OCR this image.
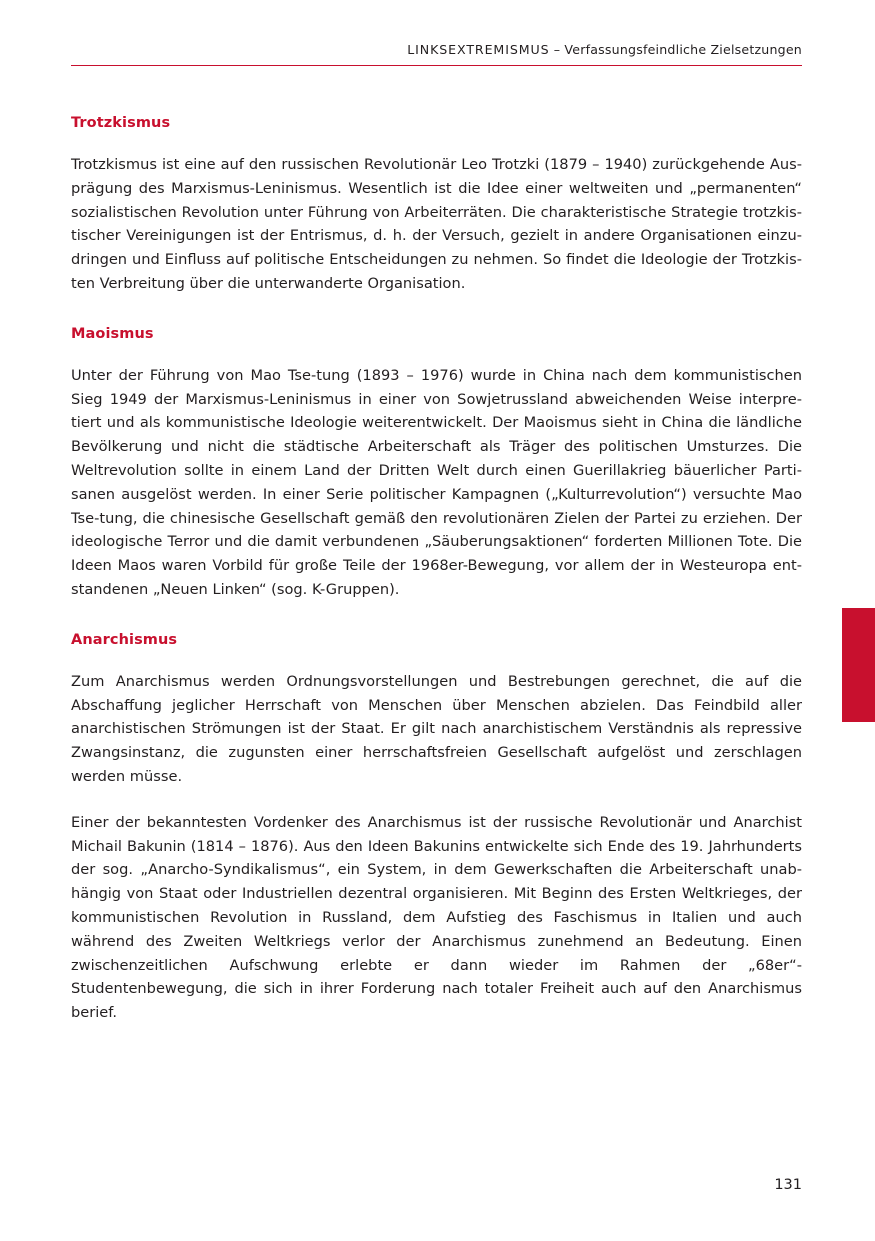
LINKSEXTREMISMUS – Verfassungsfeindliche Zielsetzungen
Trotzkismus

Trotzkismus ist eine auf den russischen Revolutionär Leo Trotzki (1879 – 1940) zurückgehende Ausprägung des Marxismus-Leninismus. Wesentlich ist die Idee einer weltweiten und „permanenten“ sozialistischen Revolution unter Führung von Arbeiterräten. Die charakteristische Strategie trotzkistischer Vereinigungen ist der Entrismus, d. h. der Versuch, gezielt in andere Organisationen einzudringen und Einfluss auf politische Entscheidungen zu nehmen. So findet die Ideologie der Trotzkisten Verbreitung über die unterwanderte Organisation.

Maoismus

Unter der Führung von Mao Tse-tung (1893 – 1976) wurde in China nach dem kommunistischen Sieg 1949 der Marxismus-Leninismus in einer von Sowjetrussland abweichenden Weise interpretiert und als kommunistische Ideologie weiterentwickelt. Der Maoismus sieht in China die ländliche Bevölkerung und nicht die städtische Arbeiterschaft als Träger des politischen Umsturzes. Die Weltrevolution sollte in einem Land der Dritten Welt durch einen Guerillakrieg bäuerlicher Partisanen ausgelöst werden. In einer Serie politischer Kampagnen („Kulturrevolution“) versuchte Mao Tse-tung, die chinesische Gesellschaft gemäß den revolutionären Zielen der Partei zu erziehen. Der ideologische Terror und die damit verbundenen „Säuberungsaktionen“ forderten Millionen Tote. Die Ideen Maos waren Vorbild für große Teile der 1968er-Bewegung, vor allem der in Westeuropa entstandenen „Neuen Linken“ (sog. K-Gruppen).

Anarchismus

Zum Anarchismus werden Ordnungsvorstellungen und Bestrebungen gerechnet, die auf die Abschaffung jeglicher Herrschaft von Menschen über Menschen abzielen. Das Feindbild aller anarchistischen Strömungen ist der Staat. Er gilt nach anarchistischem Verständnis als repressive Zwangsinstanz, die zugunsten einer herrschaftsfreien Gesellschaft aufgelöst und zerschlagen werden müsse.

Einer der bekanntesten Vordenker des Anarchismus ist der russische Revolutionär und Anarchist Michail Bakunin (1814 – 1876). Aus den Ideen Bakunins entwickelte sich Ende des 19. Jahrhunderts der sog. „Anarcho-Syndikalismus“, ein System, in dem Gewerkschaften die Arbeiterschaft unabhängig von Staat oder Industriellen dezentral organisieren. Mit Beginn des Ersten Weltkrieges, der kommunistischen Revolution in Russland, dem Aufstieg des Faschismus in Italien und auch während des Zweiten Weltkriegs verlor der Anarchismus zunehmend an Bedeutung. Einen zwischenzeitlichen Aufschwung erlebte er dann wieder im Rahmen der „68er“-Studentenbewegung, die sich in ihrer Forderung nach totaler Freiheit auch auf den Anarchismus berief.

131
